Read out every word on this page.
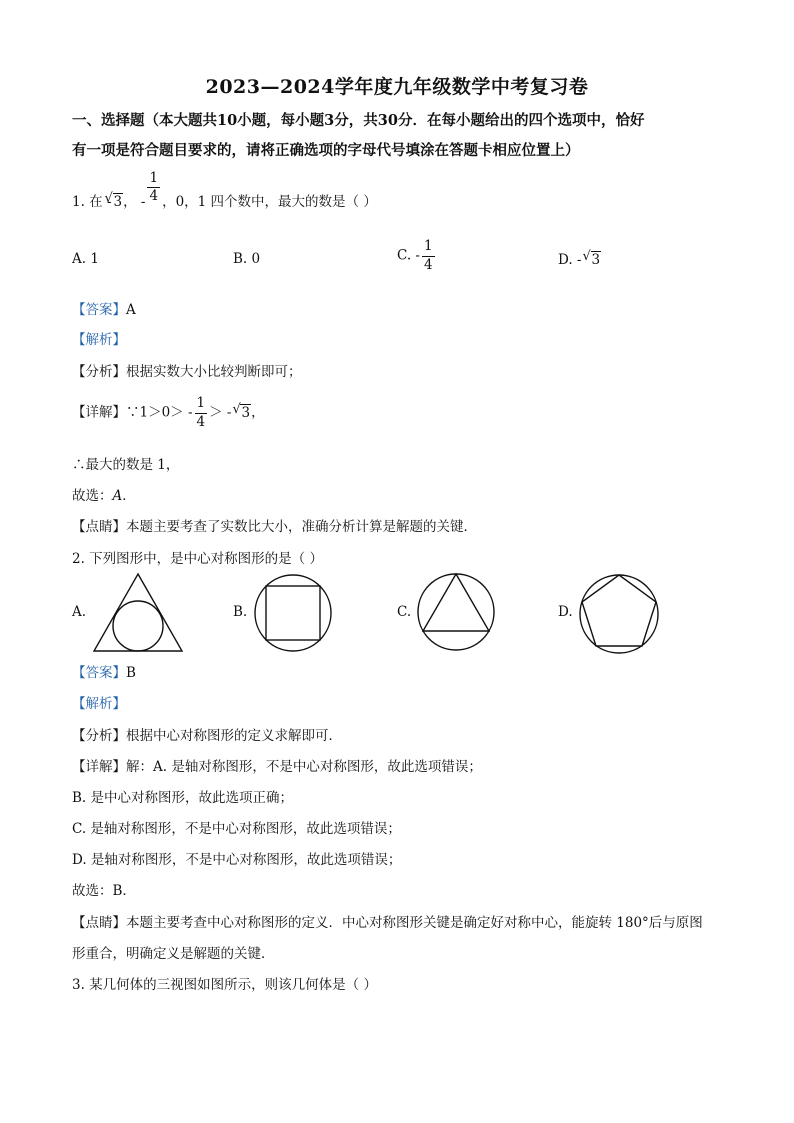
2023—2024学年度九年级数学中考复习卷
一、选择题（本大题共10小题，每小题3分，共30分．在每小题给出的四个选项中，恰好
有一项是符合题目要求的，请将正确选项的字母代号填涂在答题卡相应位置上）
1. 在 - √ 3， - $\frac{1}{4}$ ，0，1 四个数中，最大的数是（ ）
A. 1	B. 0	C. - $\frac{1}{4}$	D. - √ 3
【答案】A
【解析】
【分析】根据实数大小比较判断即可；
【详解】∵1＞0＞ - $\frac{1}{4}$ ＞ - √ 3，
∴最大的数是 1，
故选：A．
【点睛】本题主要考查了实数比大小，准确分析计算是解题的关键．
2. 下列图形中，是中心对称图形的是（ ）
A.	B.	C.	D.
【答案】B
【解析】
【分析】根据中心对称图形的定义求解即可．
【详解】解：A. 是轴对称图形，不是中心对称图形，故此选项错误；
B. 是中心对称图形，故此选项正确；
C. 是轴对称图形，不是中心对称图形，故此选项错误；
D. 是轴对称图形，不是中心对称图形，故此选项错误；
故选：B．
【点睛】本题主要考查中心对称图形的定义．中心对称图形关键是确定好对称中心，能旋转 180°后与原图
形重合，明确定义是解题的关键．
3. 某几何体的三视图如图所示，则该几何体是（ ）
